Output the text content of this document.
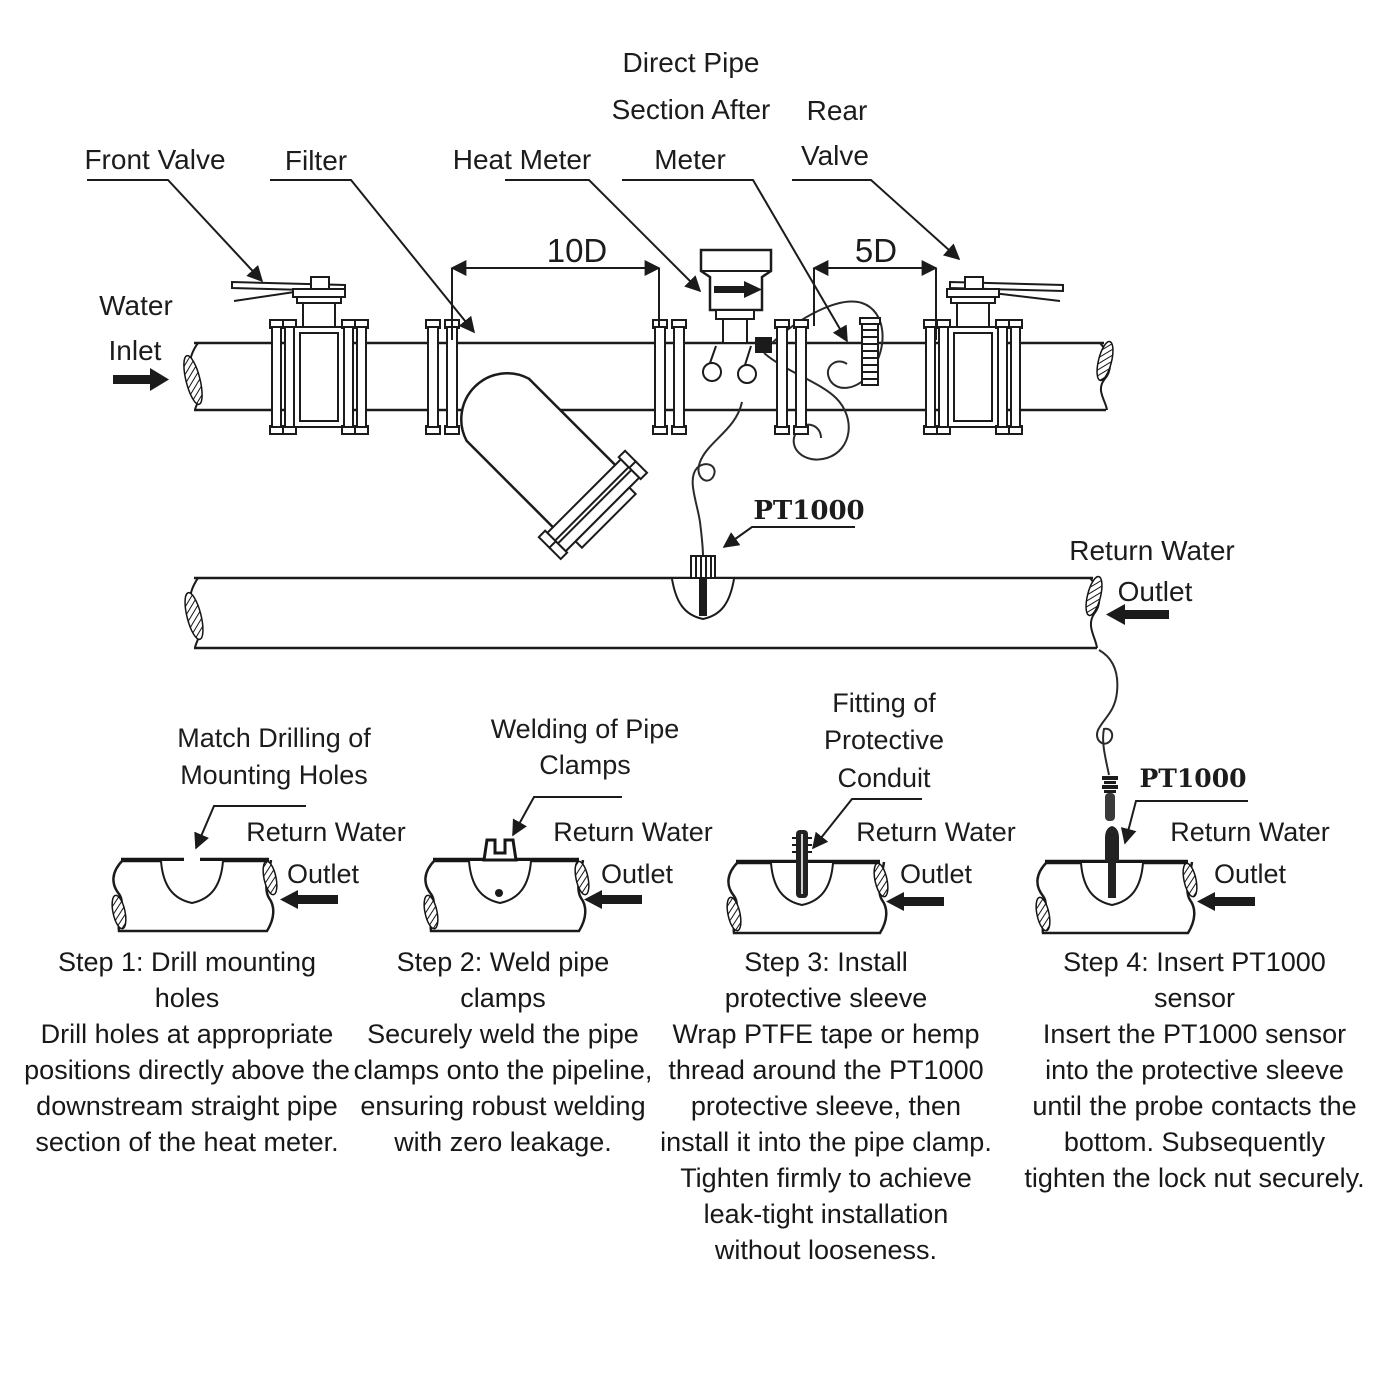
10D	5D
Front Valve Filter	Heat Meter
Direct Pipe
Section After
Meter
Rear
Valve
Water
Inlet
PT1000
Return Water
Outlet
Match Drilling of
Mounting Holes
Return Water
Outlet
Welding of Pipe
Clamps
Return Water
Outlet
Fitting of
Protective
Conduit
Return Water
Outlet
PT1000
Return Water
Outlet
Step 1: Drill mounting holes
Drill holes at appropriate positions directly above the downstream straight pipe section of the heat meter.
Step 2: Weld pipe clamps
Securely weld the pipe clamps onto the pipeline, ensuring robust welding with zero leakage.
Step 3: Install protective sleeve
Wrap PTFE tape or hemp thread around the PT1000 protective sleeve, then install it into the pipe clamp. Tighten firmly to achieve leak-tight installation without looseness.
Step 4: Insert PT1000 sensor
Insert the PT1000 sensor into the protective sleeve until the probe contacts the bottom. Subsequently tighten the lock nut securely.
